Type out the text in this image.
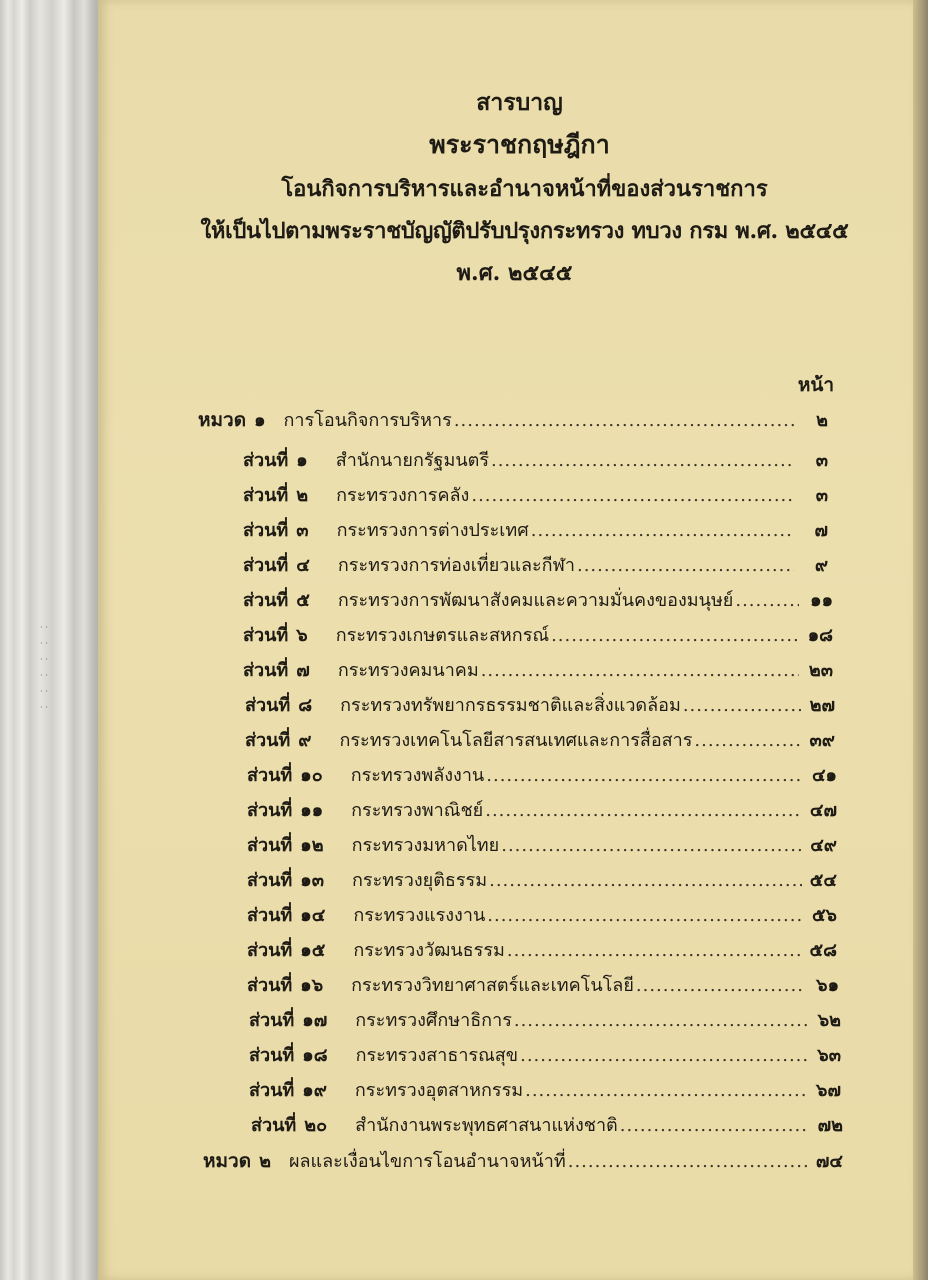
· ·
· ·
· ·
· ·
· ·
· ·
สารบาญ
พระราชกฤษฎีกา
โอนกิจการบริหารและอำนาจหน้าที่ของส่วนราชการ
ให้เป็นไปตามพระราชบัญญัติปรับปรุงกระทรวง ทบวง กรม พ.ศ. ๒๕๔๕
พ.ศ. ๒๕๔๕
หน้า
หมวด ๑ การโอนกิจการบริหาร .....	๒
ส่วนที่ ๑ สำนักนายกรัฐมนตรี .....	๓
ส่วนที่ ๒ กระทรวงการคลัง .....	๓
ส่วนที่ ๓ กระทรวงการต่างประเทศ .....	๗
ส่วนที่ ๔ กระทรวงการท่องเที่ยวและกีฬา .....	๙
ส่วนที่ ๕ กระทรวงการพัฒนาสังคมและความมั่นคงของมนุษย์ .....	๑๑
ส่วนที่ ๖ กระทรวงเกษตรและสหกรณ์ .....	๑๘
ส่วนที่ ๗ กระทรวงคมนาคม .....	๒๓
ส่วนที่ ๘ กระทรวงทรัพยากรธรรมชาติและสิ่งแวดล้อม .....	๒๗
ส่วนที่ ๙ กระทรวงเทคโนโลยีสารสนเทศและการสื่อสาร .....	๓๙
ส่วนที่ ๑๐ กระทรวงพลังงาน .....	๔๑
ส่วนที่ ๑๑ กระทรวงพาณิชย์ .....	๔๗
ส่วนที่ ๑๒ กระทรวงมหาดไทย .....	๔๙
ส่วนที่ ๑๓ กระทรวงยุติธรรม .....	๕๔
ส่วนที่ ๑๔ กระทรวงแรงงาน .....	๕๖
ส่วนที่ ๑๕ กระทรวงวัฒนธรรม .....	๕๘
ส่วนที่ ๑๖ กระทรวงวิทยาศาสตร์และเทคโนโลยี .....	๖๑
ส่วนที่ ๑๗ กระทรวงศึกษาธิการ .....	๖๒
ส่วนที่ ๑๘ กระทรวงสาธารณสุข .....	๖๓
ส่วนที่ ๑๙ กระทรวงอุตสาหกรรม .....	๖๗
ส่วนที่ ๒๐ สำนักงานพระพุทธศาสนาแห่งชาติ .....	๗๒
หมวด ๒ ผลและเงื่อนไขการโอนอำนาจหน้าที่ .....	๗๔
